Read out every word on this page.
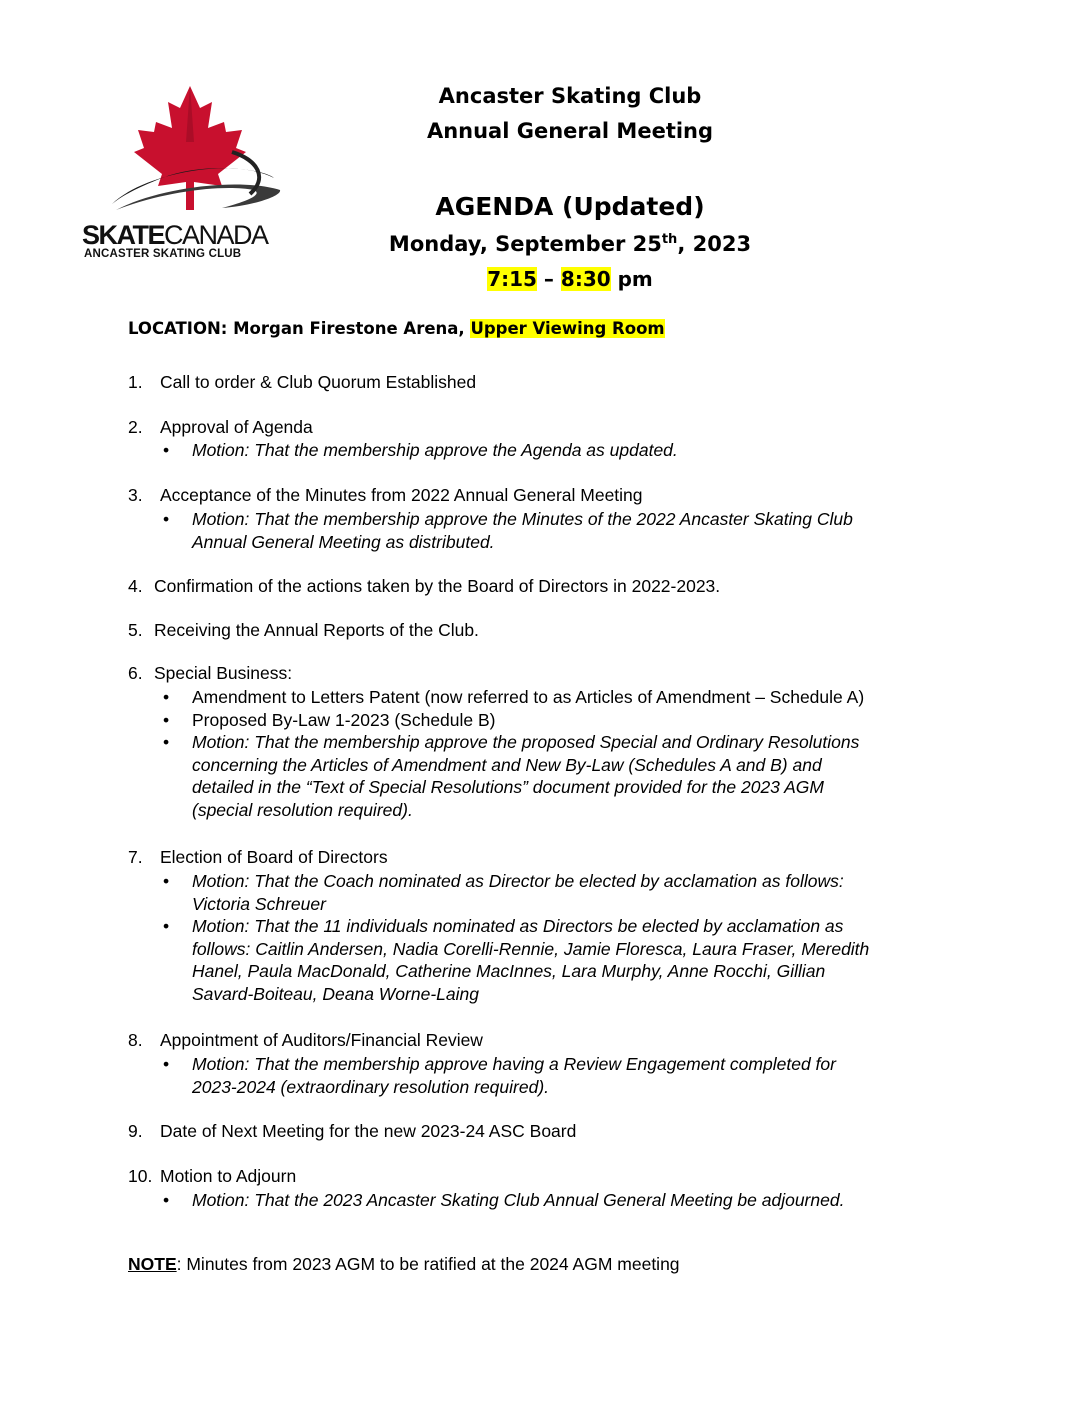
SKATECANADA
ANCASTER SKATING CLUB
Ancaster Skating Club
Annual General Meeting
AGENDA (Updated)
Monday, September 25th, 2023
7:15 – 8:30 pm
LOCATION: Morgan Firestone Arena, Upper Viewing Room
1. Call to order & Club Quorum Established
2. Approval of Agenda
• Motion: That the membership approve the Agenda as updated.
3. Acceptance of the Minutes from 2022 Annual General Meeting
• Motion: That the membership approve the Minutes of the 2022 Ancaster Skating Club
Annual General Meeting as distributed.
4. Confirmation of the actions taken by the Board of Directors in 2022-2023.
5. Receiving the Annual Reports of the Club.
6. Special Business:
• Amendment to Letters Patent (now referred to as Articles of Amendment – Schedule A)
• Proposed By-Law 1-2023 (Schedule B)
• Motion: That the membership approve the proposed Special and Ordinary Resolutions
concerning the Articles of Amendment and New By-Law (Schedules A and B) and
detailed in the “Text of Special Resolutions” document provided for the 2023 AGM
(special resolution required).
7. Election of Board of Directors
• Motion: That the Coach nominated as Director be elected by acclamation as follows:
Victoria Schreuer
• Motion: That the 11 individuals nominated as Directors be elected by acclamation as
follows: Caitlin Andersen, Nadia Corelli-Rennie, Jamie Floresca, Laura Fraser, Meredith
Hanel, Paula MacDonald, Catherine MacInnes, Lara Murphy, Anne Rocchi, Gillian
Savard-Boiteau, Deana Worne-Laing
8. Appointment of Auditors/Financial Review
• Motion: That the membership approve having a Review Engagement completed for
2023-2024 (extraordinary resolution required).
9. Date of Next Meeting for the new 2023-24 ASC Board
10. Motion to Adjourn
• Motion: That the 2023 Ancaster Skating Club Annual General Meeting be adjourned.
NOTE: Minutes from 2023 AGM to be ratified at the 2024 AGM meeting
